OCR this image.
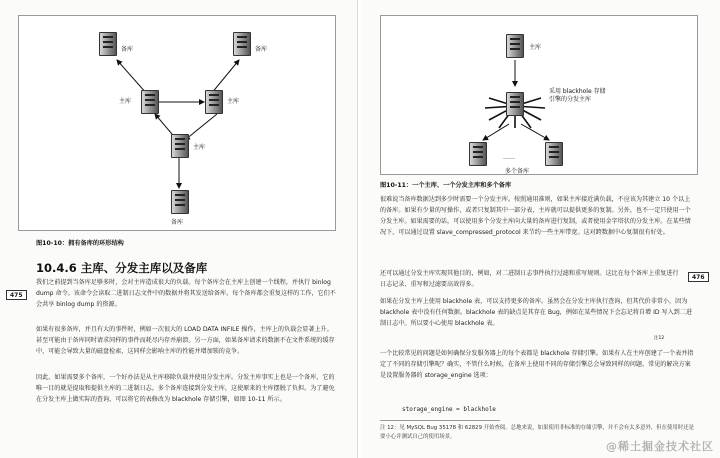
备库	备库
主库	主库
主库
备库
图10-10：拥有备库的环形结构
10.4.6 主库、分发主库以及备库
475
我们之前提到当备库足够多时，会对主库造成很大的负载。每个备库会在主库上创建一个线程，并执行 binlog dump 命令。该命令会读取二进制日志文件中的数据并将其发送给备库。每个备库都会重复这样的工作，它们不会共享 binlog dump 的资源。
如果有很多备库，并且有大的事件时，例如一次很大的 LOAD DATA INFILE 操作，主库上的负载会显著上升。甚至可能由于备库同时请求同样的事件而耗尽内存并崩溃。另一方面，如果备库请求的数据不在文件系统的缓存中，可能会导致大量的磁盘检索，这同样会影响主库的性能并增加锁的竞争。
因此，如果需要多个备库，一个好办法是从主库移除负载并使用分发主库。分发主库事实上也是一个备库，它的唯一目的就是提取和提供主库的二进制日志。多个备库连接到分发主库，这使原来的主库摆脱了负担。为了避免在分发主库上做实际的查询，可以将它的表修改为 blackhole 存储引擎，如图 10-11 所示。
主库
采用 blackhole 存储
引擎的分发主库
……
多个备库
图10-11：一个主库、一个分发主库和多个备库
很难说当备库数据达到多少时需要一个分发主库。按照通用准则，如果主库接近满负载，不应该为其建立 10 个以上的备库。如果有少量的写操作，或者只复制其中一部分表，主库就可以提供更多的复制。另外，也不一定只使用一个分发主库。如果需要的话，可以使用多个分发主库向大量的备库进行复制，或者使用金字塔状的分发主库。在某些情况下，可以通过设置 slave_compressed_protocol 来节约一些主库带宽。这对跨数据中心复制很有好处。
还可以通过分发主库实现其他目的，例如，对二进制日志事件执行过滤和重写规则。这比在每个备库上重复进行日志记录、重写和过滤要高效得多。
476
如果在分发主库上使用 blackhole 表，可以支持更多的备库。虽然会在分发主库执行查询，但其代价非常小，因为 blackhole 表中没有任何数据。blackhole 表的缺点是其存在 Bug，例如在某些情况下会忘记将自增 ID 写入到二进制日志中。所以要小心使用 blackhole 表。
一个比较常见的问题是如何确保分发服务器上的每个表都是 blackhole 存储引擎。如果有人在主库创建了一个表并指定了不同的存储引擎呢？确实，不管什么时候，在备库上使用不同的存储引擎总会导致同样的问题。常见的解决方案是设置服务器的 storage_engine 选项：
storage_engine = blackhole
注 12：见 MySQL Bug 35178 和 62829 开始查阅。总地来说，如果使用非标准的存储引擎，并不会有太多意外，但在使用时还是要小心并测试自己的使用场景。
注12
@稀土掘金技术社区
